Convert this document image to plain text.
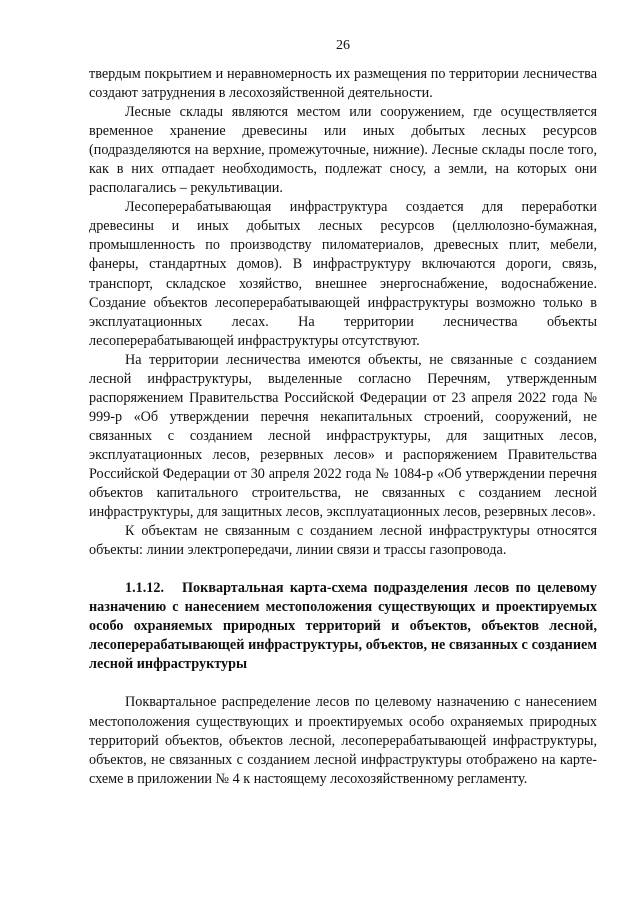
26

твердым покрытием и неравномерность их размещения по территории лесничества создают затруднения в лесохозяйственной деятельности.

Лесные склады являются местом или сооружением, где осуществляется временное хранение древесины или иных добытых лесных ресурсов (подразделяются на верхние, промежуточные, нижние). Лесные склады после того, как в них отпадает необходимость, подлежат сносу, а земли, на которых они располагались – рекультивации.

Лесоперерабатывающая инфраструктура создается для переработки древесины и иных добытых лесных ресурсов (целлюлозно-бумажная, промышленность по производству пиломатериалов, древесных плит, мебели, фанеры, стандартных домов). В инфраструктуру включаются дороги, связь, транспорт, складское хозяйство, внешнее энергоснабжение, водоснабжение. Создание объектов лесоперерабатывающей инфраструктуры возможно только в эксплуатационных лесах. На территории лесничества объекты лесоперерабатывающей инфраструктуры отсутствуют.

На территории лесничества имеются объекты, не связанные с созданием лесной инфраструктуры, выделенные согласно Перечням, утвержденным распоряжением Правительства Российской Федерации от 23 апреля 2022 года № 999-р «Об утверждении перечня некапитальных строений, сооружений, не связанных с созданием лесной инфраструктуры, для защитных лесов, эксплуатационных лесов, резервных лесов» и распоряжением Правительства Российской Федерации от 30 апреля 2022 года № 1084-р «Об утверждении перечня объектов капитального строительства, не связанных с созданием лесной инфраструктуры, для защитных лесов, эксплуатационных лесов, резервных лесов».

К объектам не связанным с созданием лесной инфраструктуры относятся объекты: линии электропередачи, линии связи и трассы газопровода.

1.1.12. Поквартальная карта-схема подразделения лесов по целевому назначению с нанесением местоположения существующих и проектируемых особо охраняемых природных территорий и объектов, объектов лесной, лесоперерабатывающей инфраструктуры, объектов, не связанных с созданием лесной инфраструктуры

Поквартальное распределение лесов по целевому назначению с нанесением местоположения существующих и проектируемых особо охраняемых природных территорий объектов, объектов лесной, лесоперерабатывающей инфраструктуры, объектов, не связанных с созданием лесной инфраструктуры отображено на карте-схеме в приложении № 4 к настоящему лесохозяйственному регламенту.
